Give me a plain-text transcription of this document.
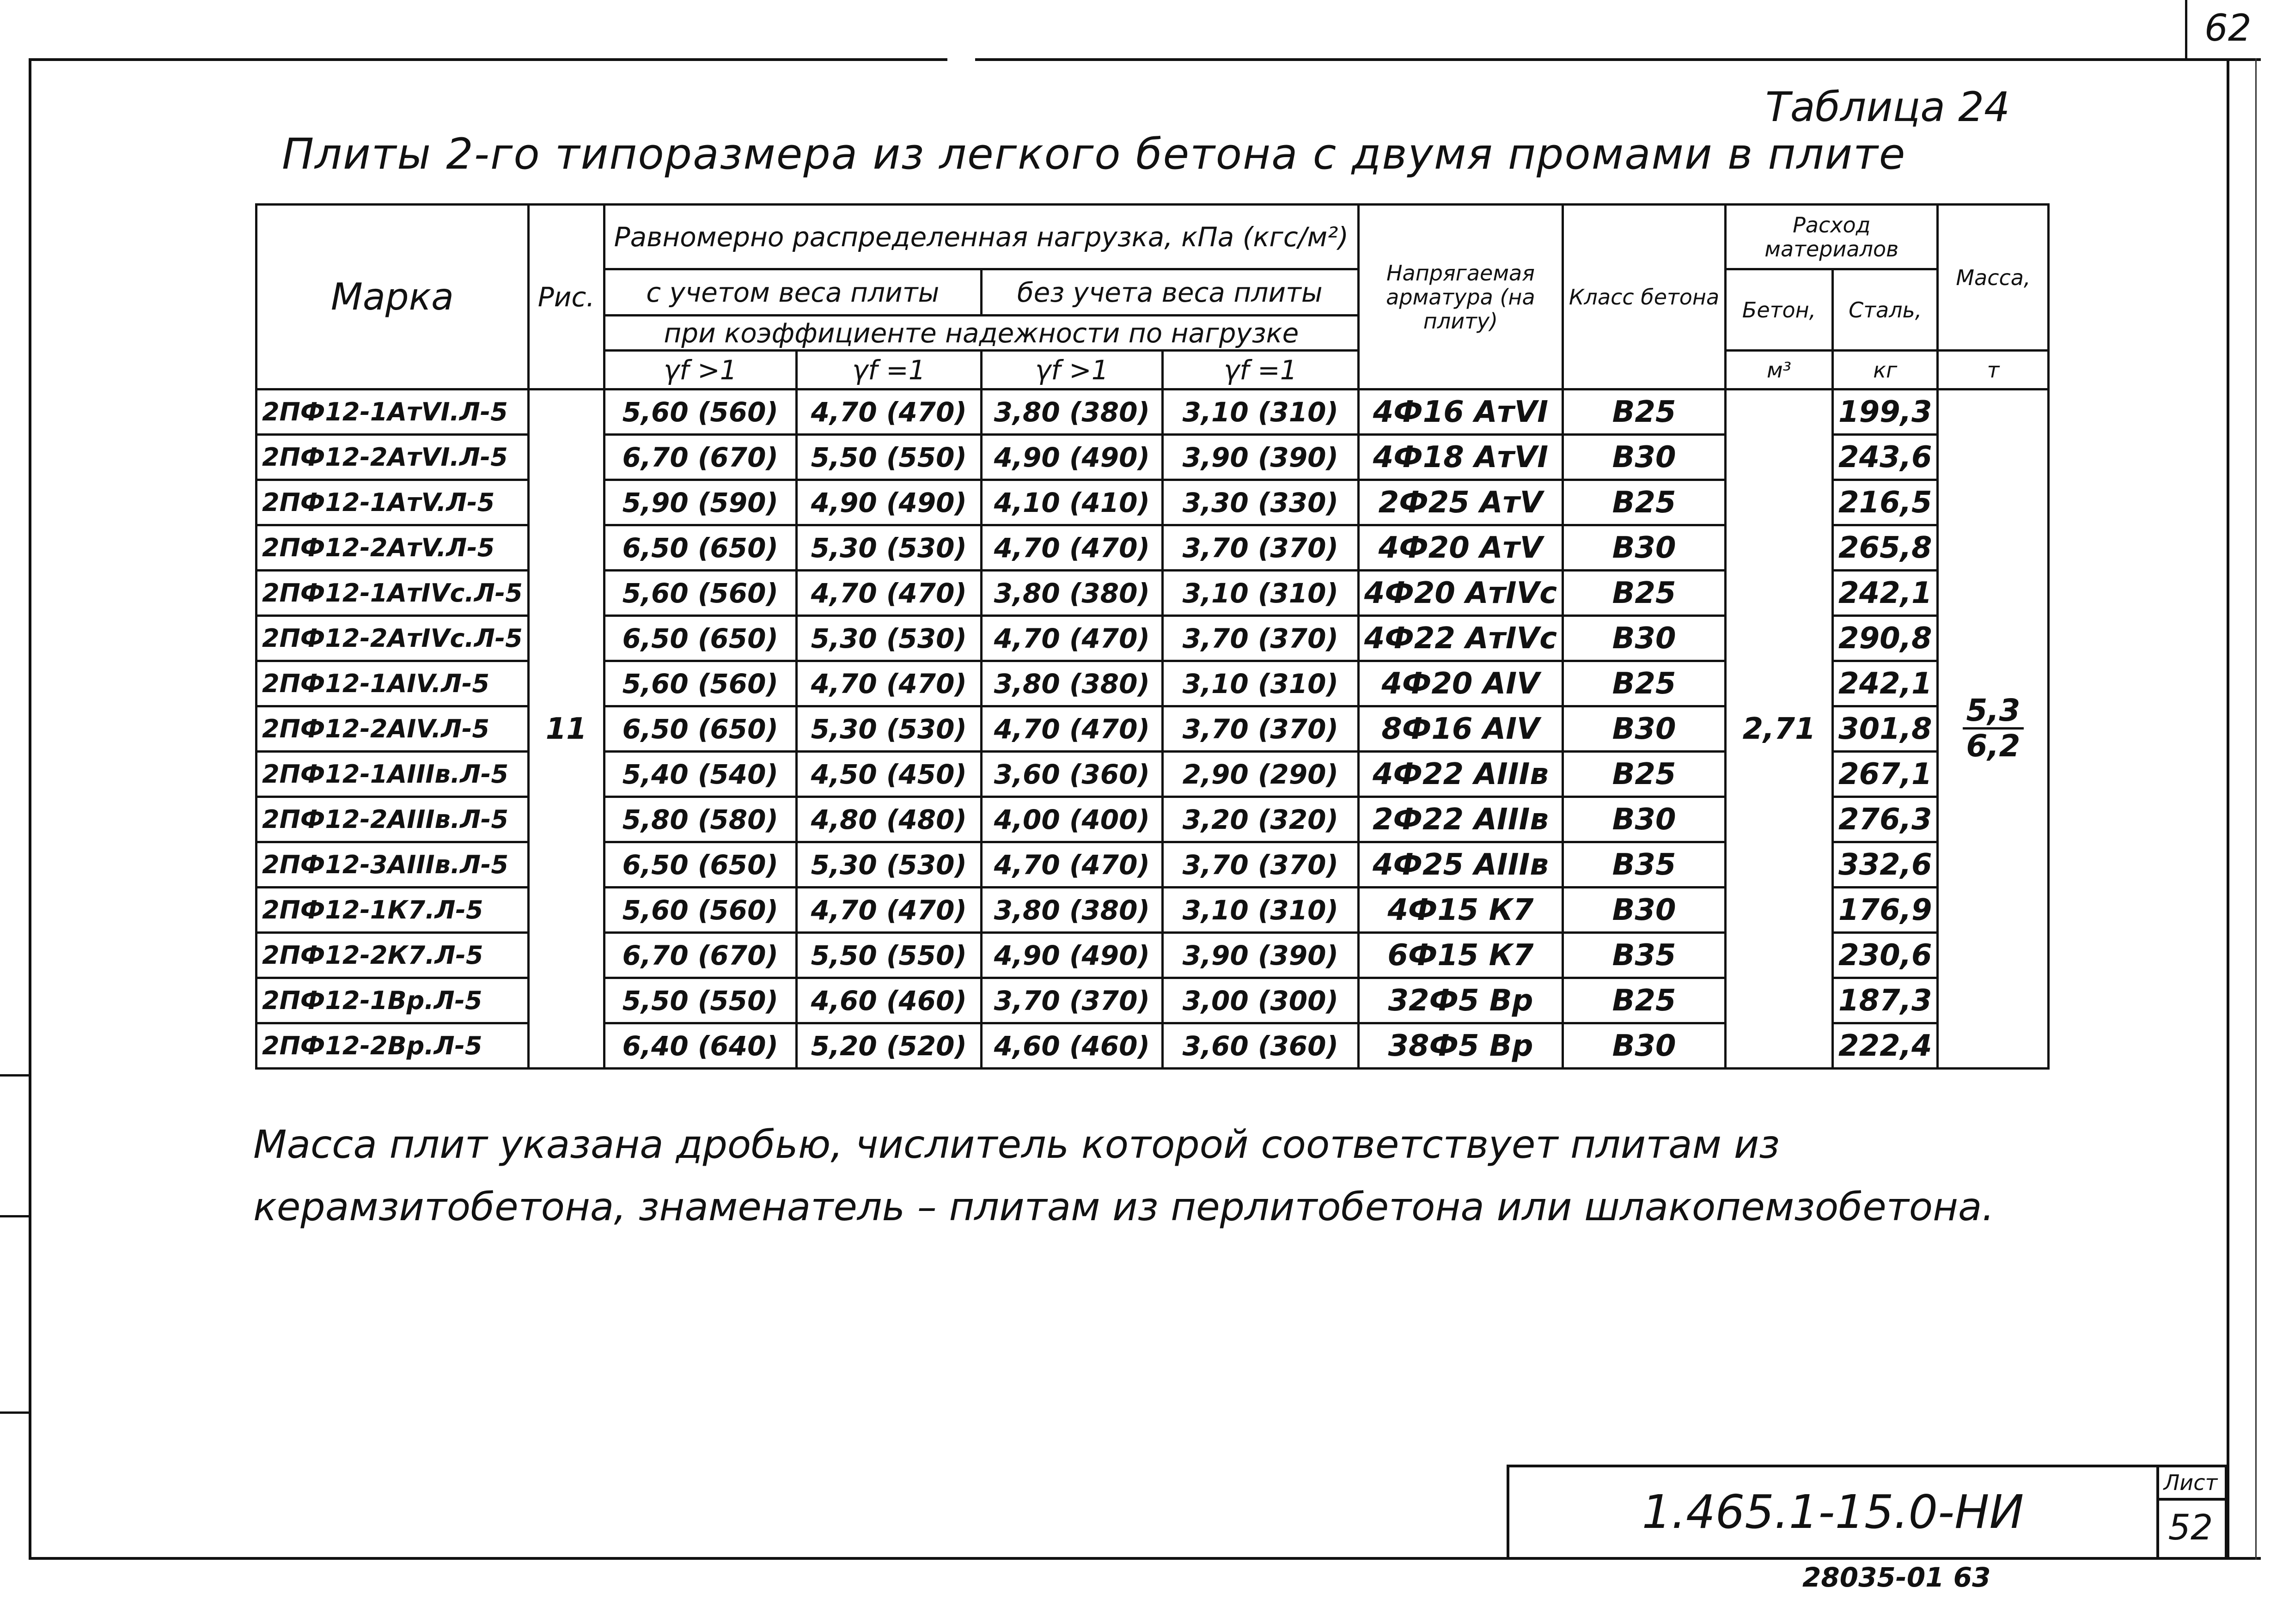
62
Таблица 24
Плиты 2-го типоразмера из легкого бетона с двумя промами в плите
Марка	Рис.	Равномерно распределенная нагрузка, кПа (кгс/м²)				Напрягаемая арматура (на плиту)	Класс бетона	Расход материалов		Масса,
		с учетом веса плиты		без учета веса плиты				Бетон,	Сталь,	
		при коэффициенте надежности по нагрузке								
		γf >1	γf =1	γf >1	γf =1			м³	кг	т
2ПФ12-1АтVI.Л-5	11	5,60 (560)	4,70 (470)	3,80 (380)	3,10 (310)	4Ф16 АтVI	В25	2,71	199,3	$\frac{5,3}{6,2}$

2ПФ12-2АтVI.Л-5		6,70 (670)	5,50 (550)	4,90 (490)	3,90 (390)	4Ф18 АтVI	В30		243,6	
2ПФ12-1АтV.Л-5		5,90 (590)	4,90 (490)	4,10 (410)	3,30 (330)	2Ф25 АтV	В25		216,5	
2ПФ12-2АтV.Л-5		6,50 (650)	5,30 (530)	4,70 (470)	3,70 (370)	4Ф20 АтV	В30		265,8	
2ПФ12-1АтIVс.Л-5		5,60 (560)	4,70 (470)	3,80 (380)	3,10 (310)	4Ф20 АтIVс	В25		242,1	
2ПФ12-2АтIVс.Л-5		6,50 (650)	5,30 (530)	4,70 (470)	3,70 (370)	4Ф22 АтIVс	В30		290,8	
2ПФ12-1АIV.Л-5		5,60 (560)	4,70 (470)	3,80 (380)	3,10 (310)	4Ф20 АIV	В25		242,1	
2ПФ12-2АIV.Л-5		6,50 (650)	5,30 (530)	4,70 (470)	3,70 (370)	8Ф16 АIV	В30		301,8	
2ПФ12-1АIIIв.Л-5		5,40 (540)	4,50 (450)	3,60 (360)	2,90 (290)	4Ф22 АIIIв	В25		267,1	
2ПФ12-2АIIIв.Л-5		5,80 (580)	4,80 (480)	4,00 (400)	3,20 (320)	2Ф22 АIIIв	В30		276,3	
2ПФ12-3АIIIв.Л-5		6,50 (650)	5,30 (530)	4,70 (470)	3,70 (370)	4Ф25 АIIIв	В35		332,6	
2ПФ12-1К7.Л-5		5,60 (560)	4,70 (470)	3,80 (380)	3,10 (310)	4Ф15 К7	В30		176,9	
2ПФ12-2К7.Л-5		6,70 (670)	5,50 (550)	4,90 (490)	3,90 (390)	6Ф15 К7	В35		230,6	
2ПФ12-1Вр.Л-5		5,50 (550)	4,60 (460)	3,70 (370)	3,00 (300)	32Ф5 Вр	В25		187,3	
2ПФ12-2Вр.Л-5		6,40 (640)	5,20 (520)	4,60 (460)	3,60 (360)	38Ф5 Вр	В30		222,4	
Масса плит указана дробью, числитель которой соответствует плитам из керамзитобетона, знаменатель – плитам из перлитобетона или шлакопемзобетона.
1.465.1-15.0-НИ
Лист
52
28035-01 63
